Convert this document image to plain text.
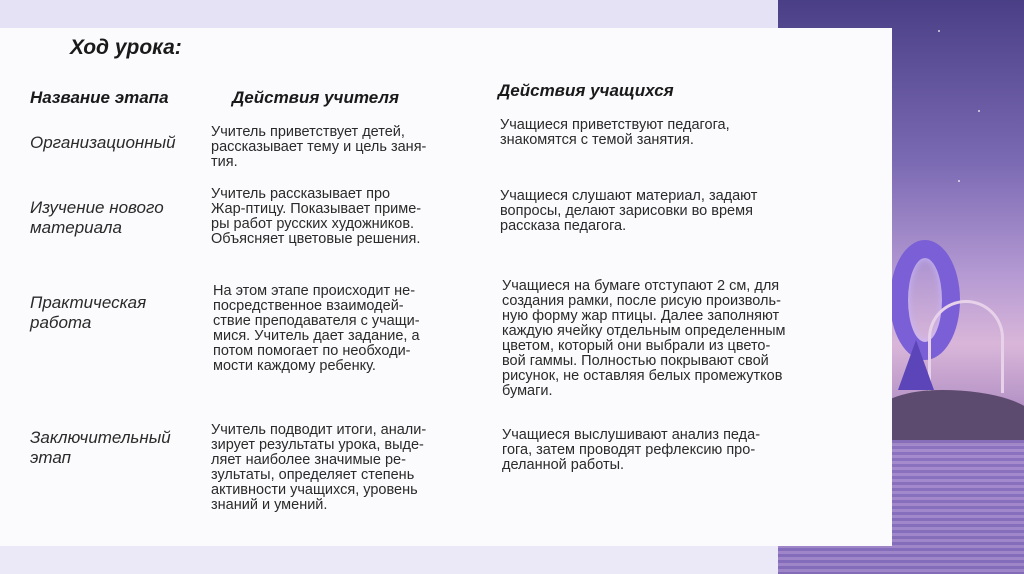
Ход урока:
Название этапа	Действия учителя	Действия учащихся
Организационный
Учитель приветствует детей,
рассказывает тему и цель заня-
тия.
Учащиеся приветствуют педагога,
знакомятся с темой занятия.
Изучение нового
материала
Учитель рассказывает про
Жар-птицу. Показывает приме-
ры работ русских художников.
Объясняет цветовые решения.
Учащиеся слушают материал, задают
вопросы, делают зарисовки во время
рассказа педагога.
Практическая
работа
На этом этапе происходит не-
посредственное взаимодей-
ствие преподавателя с учащи-
мися. Учитель дает задание, а
потом помогает по необходи-
мости каждому ребенку.
Учащиеся на бумаге отступают 2 см, для
создания рамки, после рисую произволь-
ную форму жар птицы. Далее заполняют
каждую ячейку отдельным определенным
цветом, который они выбрали из цвето-
вой гаммы. Полностью покрывают свой
рисунок, не оставляя белых промежутков
бумаги.
Заключительный
этап
Учитель подводит итоги, анали-
зирует результаты урока, выде-
ляет наиболее значимые ре-
зультаты, определяет степень
активности учащихся, уровень
знаний и умений.
Учащиеся выслушивают анализ педа-
гога, затем проводят рефлексию про-
деланной работы.
